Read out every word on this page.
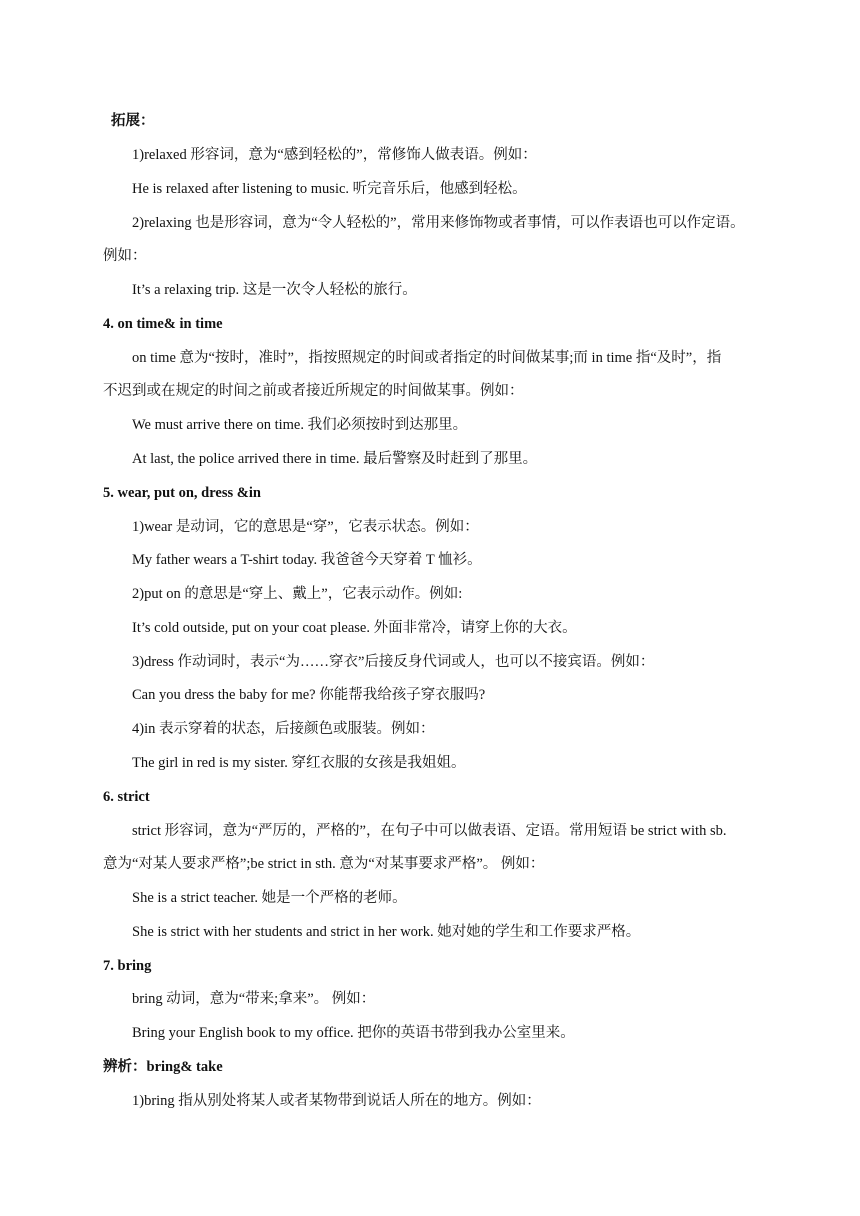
拓展：
1)relaxed 形容词，意为“感到轻松的”，常修饰人做表语。例如：
He is relaxed after listening to music. 听完音乐后，他感到轻松。
2)relaxing 也是形容词，意为“令人轻松的”，常用来修饰物或者事情，可以作表语也可以作定语。
例如：
It’s a relaxing trip. 这是一次令人轻松的旅行。
4. on time& in time
on time 意为“按时，准时”，指按照规定的时间或者指定的时间做某事;而 in time 指“及时”，指
不迟到或在规定的时间之前或者接近所规定的时间做某事。例如：
We must arrive there on time. 我们必须按时到达那里。
At last, the police arrived there in time. 最后警察及时赶到了那里。
5. wear, put on, dress &in
1)wear 是动词，它的意思是“穿”，它表示状态。例如：
My father wears a T-shirt today. 我爸爸今天穿着 T 恤衫。
2)put on 的意思是“穿上、戴上”，它表示动作。例如:
It’s cold outside, put on your coat please. 外面非常冷，请穿上你的大衣。
3)dress 作动词时，表示“为……穿衣”后接反身代词或人，也可以不接宾语。例如：
Can you dress the baby for me? 你能帮我给孩子穿衣服吗?
4)in 表示穿着的状态，后接颜色或服装。例如：
The girl in red is my sister. 穿红衣服的女孩是我姐姐。
6. strict
strict 形容词，意为“严厉的，严格的”，在句子中可以做表语、定语。常用短语 be strict with sb.
意为“对某人要求严格”;be strict in sth. 意为“对某事要求严格”。 例如：
She is a strict teacher. 她是一个严格的老师。
She is strict with her students and strict in her work. 她对她的学生和工作要求严格。
7. bring
bring 动词，意为“带来;拿来”。 例如：
Bring your English book to my office. 把你的英语书带到我办公室里来。
辨析：bring& take
1)bring 指从别处将某人或者某物带到说话人所在的地方。例如：
